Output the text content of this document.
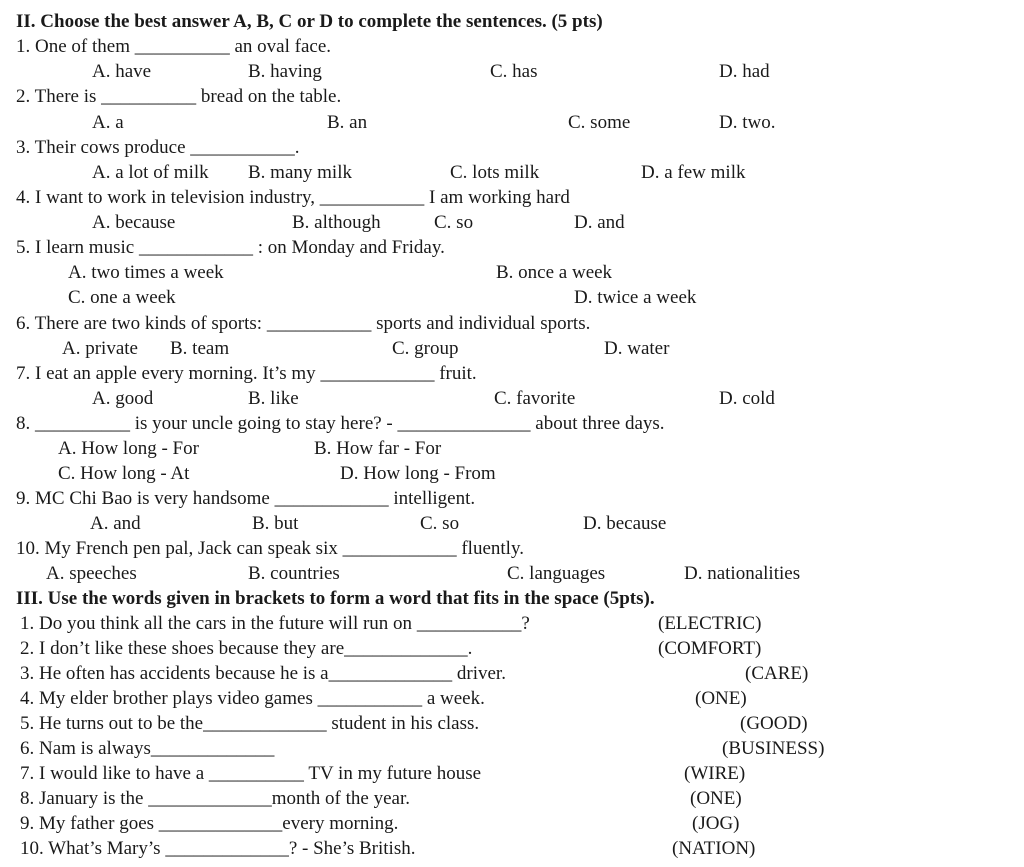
II. Choose the best answer A, B, C or D to complete the sentences. (5 pts)
1. One of them __________ an oval face.
A. have	B. having	C. has	D. had
2. There is __________ bread on the table.
A. a	B. an	C. some	D. two.
3. Their cows produce ___________.
A. a lot of milk B. many milk	C. lots milk	D. a few milk
4. I want to work in television industry, ___________ I am working hard
A. because	B. although	C. so	D. and
5. I learn music ____________ : on Monday and Friday.
A. two times a week	B. once a week
C. one a week	D. twice a week
6. There are two kinds of sports: ___________ sports and individual sports.
A. private B. team	C. group	D. water
7. I eat an apple every morning. It’s my ____________ fruit.
A. good	B. like	C. favorite	D. cold
8. __________ is your uncle going to stay here? - ______________ about three days.
A. How long - For	B. How far - For
C. How long - At	D. How long - From
9. MC Chi Bao is very handsome ____________ intelligent.
A. and	B. but	C. so	D. because
10. My French pen pal, Jack can speak six ____________ fluently.
A. speeches	B. countries	C. languages	D. nationalities
III. Use the words given in brackets to form a word that fits in the space (5pts).
1. Do you think all the cars in the future will run on ___________?	(ELECTRIC)
2. I don’t like these shoes because they are_____________.	(COMFORT)
3. He often has accidents because he is a_____________ driver.	(CARE)
4. My elder brother plays video games ___________ a week.	(ONE)
5. He turns out to be the_____________ student in his class.	(GOOD)
6. Nam is always_____________	(BUSINESS)
7. I would like to have a __________ TV in my future house	(WIRE)
8. January is the _____________month of the year.	(ONE)
9. My father goes _____________every morning.	(JOG)
10. What’s Mary’s _____________? - She’s British.	(NATION)
